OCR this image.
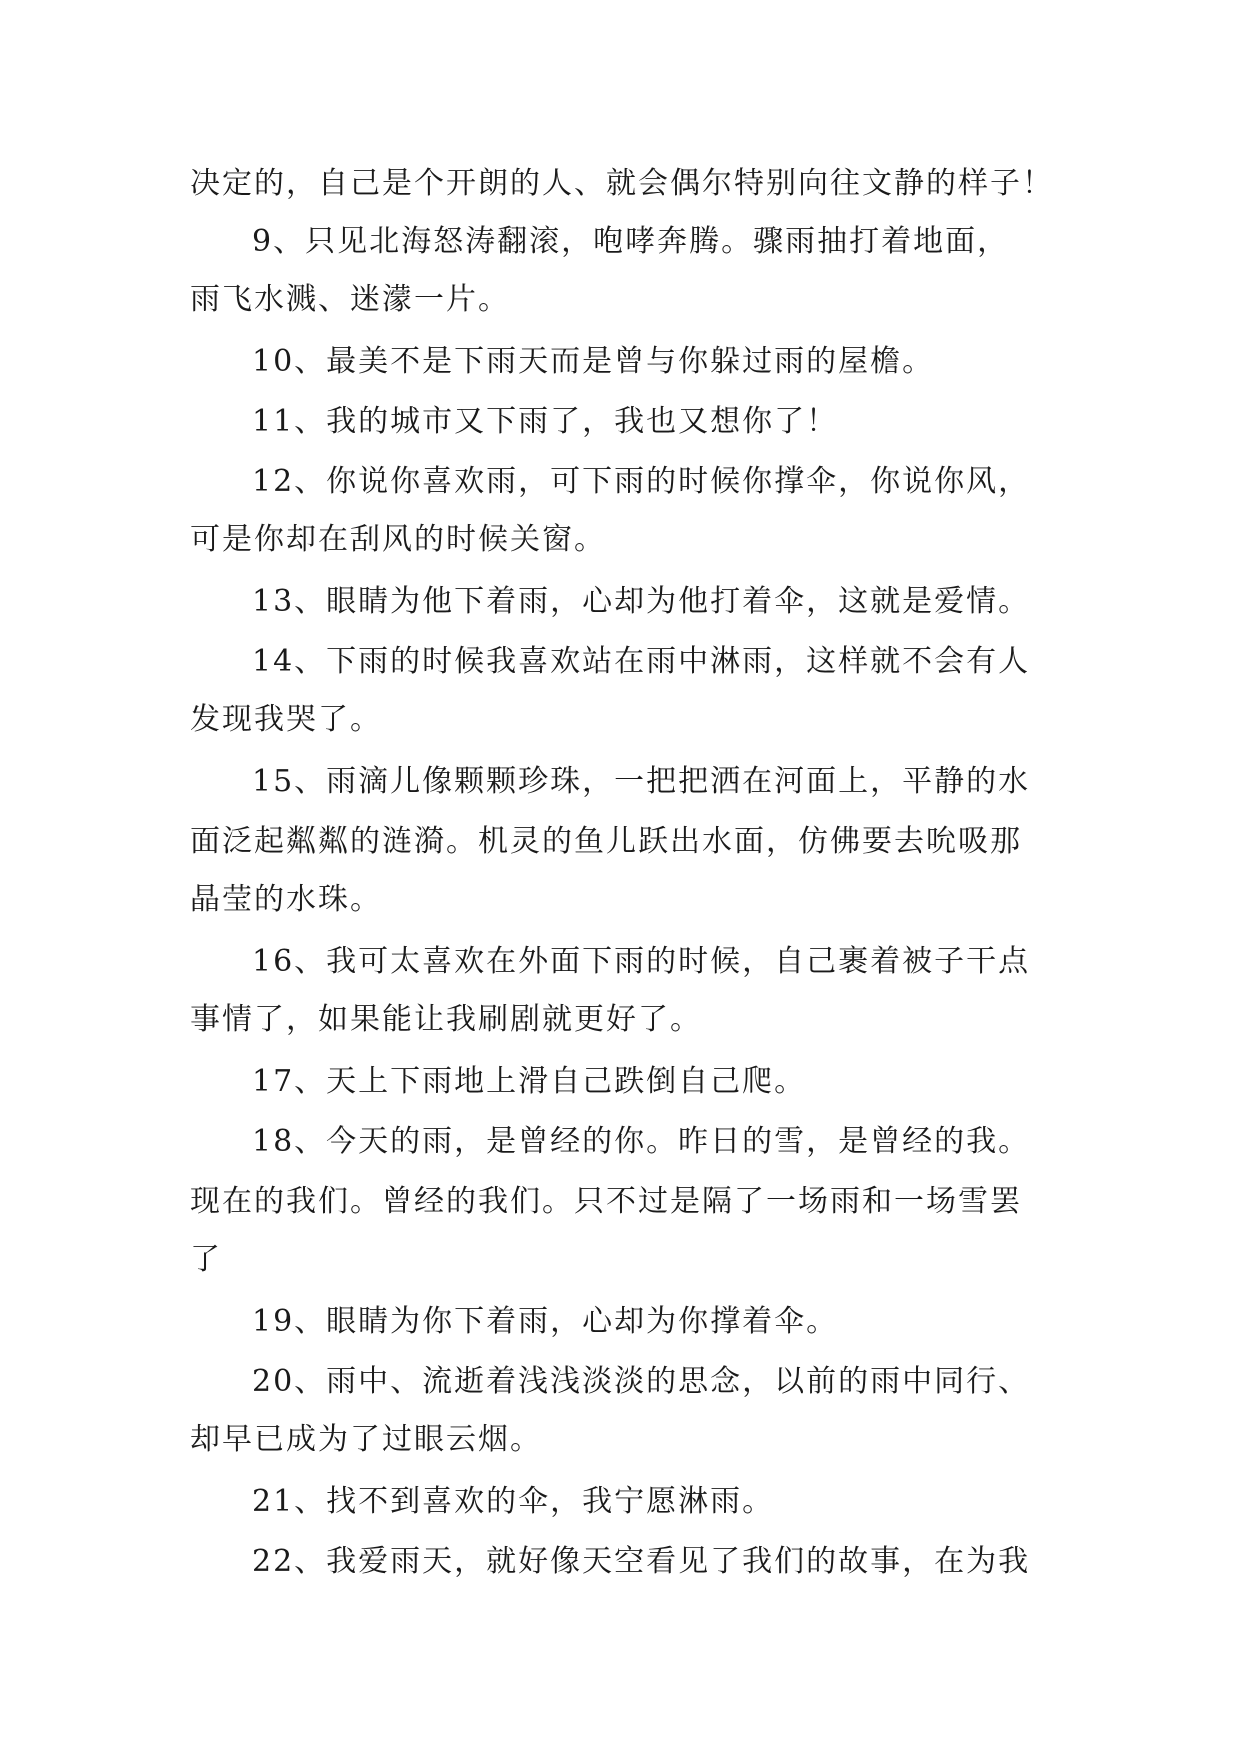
决定的，自己是个开朗的人、就会偶尔特别向往文静的样子！
9、只见北海怒涛翻滚，咆哮奔腾。骤雨抽打着地面，
雨飞水溅、迷濛一片。
10、最美不是下雨天而是曾与你躲过雨的屋檐。
11、我的城市又下雨了，我也又想你了！
12、你说你喜欢雨，可下雨的时候你撑伞，你说你风，
可是你却在刮风的时候关窗。
13、眼睛为他下着雨，心却为他打着伞，这就是爱情。
14、下雨的时候我喜欢站在雨中淋雨，这样就不会有人
发现我哭了。
15、雨滴儿像颗颗珍珠，一把把洒在河面上，平静的水
面泛起粼粼的涟漪。机灵的鱼儿跃出水面，仿佛要去吮吸那
晶莹的水珠。
16、我可太喜欢在外面下雨的时候，自己裹着被子干点
事情了，如果能让我刷剧就更好了。
17、天上下雨地上滑自己跌倒自己爬。
18、今天的雨，是曾经的你。昨日的雪，是曾经的我。
现在的我们。曾经的我们。只不过是隔了一场雨和一场雪罢
了
19、眼睛为你下着雨，心却为你撑着伞。
20、雨中、流逝着浅浅淡淡的思念，以前的雨中同行、
却早已成为了过眼云烟。
21、找不到喜欢的伞，我宁愿淋雨。
22、我爱雨天，就好像天空看见了我们的故事，在为我
